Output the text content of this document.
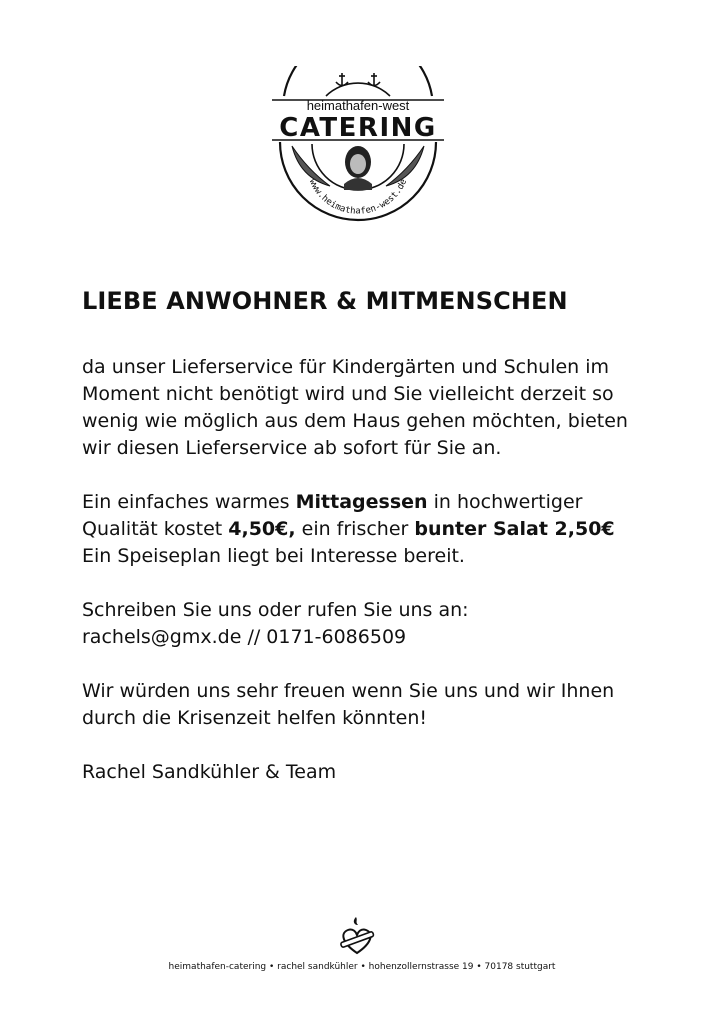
heimathafen-west
CATERING
www.heimathafen-west.de
LIEBE ANWOHNER & MITMENSCHEN
da unser Lieferservice für Kindergärten und Schulen im
Moment nicht benötigt wird und Sie vielleicht derzeit so
wenig wie möglich aus dem Haus gehen möchten, bieten
wir diesen Lieferservice ab sofort für Sie an.
Ein einfaches warmes Mittagessen in hochwertiger
Qualität kostet 4,50€, ein frischer bunter Salat 2,50€
Ein Speiseplan liegt bei Interesse bereit.
Schreiben Sie uns oder rufen Sie uns an:
rachels@gmx.de // 0171-6086509
Wir würden uns sehr freuen wenn Sie uns und wir Ihnen
durch die Krisenzeit helfen könnten!
Rachel Sandkühler & Team
heimathafen-catering • rachel sandkühler • hohenzollernstrasse 19 • 70178 stuttgart
